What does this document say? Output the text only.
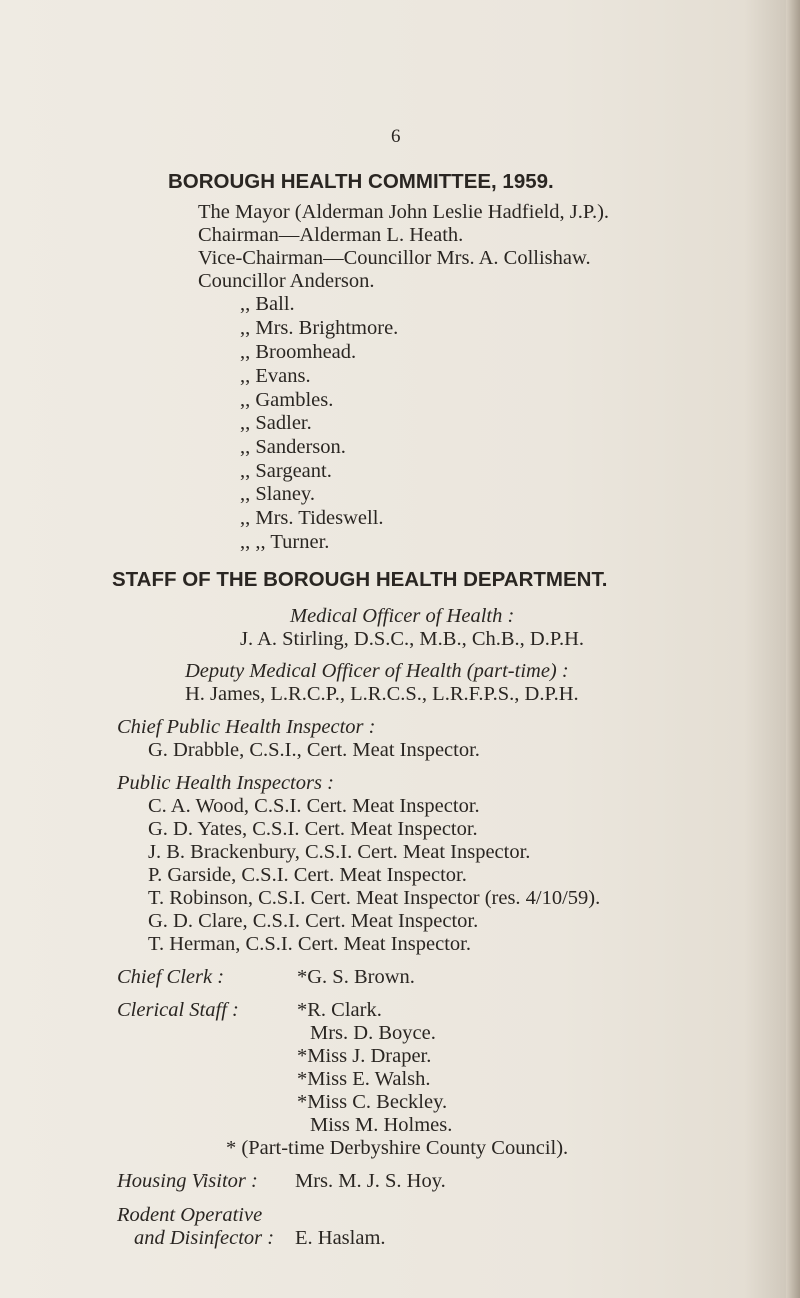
6
BOROUGH HEALTH COMMITTEE, 1959.
The Mayor (Alderman John Leslie Hadfield, J.P.).
Chairman—Alderman L. Heath.
Vice-Chairman—Councillor Mrs. A. Collishaw.
Councillor Anderson.
,, Ball.
,, Mrs. Brightmore.
,, Broomhead.
,, Evans.
,, Gambles.
,, Sadler.
,, Sanderson.
,, Sargeant.
,, Slaney.
,, Mrs. Tideswell.
,, ,, Turner.
STAFF OF THE BOROUGH HEALTH DEPARTMENT.
Medical Officer of Health :
J. A. Stirling, D.S.C., M.B., Ch.B., D.P.H.
Deputy Medical Officer of Health (part-time) :
H. James, L.R.C.P., L.R.C.S., L.R.F.P.S., D.P.H.
Chief Public Health Inspector :
G. Drabble, C.S.I., Cert. Meat Inspector.
Public Health Inspectors :
C. A. Wood, C.S.I. Cert. Meat Inspector.
G. D. Yates, C.S.I. Cert. Meat Inspector.
J. B. Brackenbury, C.S.I. Cert. Meat Inspector.
P. Garside, C.S.I. Cert. Meat Inspector.
T. Robinson, C.S.I. Cert. Meat Inspector (res. 4/10/59).
G. D. Clare, C.S.I. Cert. Meat Inspector.
T. Herman, C.S.I. Cert. Meat Inspector.
Chief Clerk :	*G. S. Brown.
Clerical Staff :	*R. Clark.
Mrs. D. Boyce.
*Miss J. Draper.
*Miss E. Walsh.
*Miss C. Beckley.
Miss M. Holmes.
* (Part-time Derbyshire County Council).
Housing Visitor : Mrs. M. J. S. Hoy.
Rodent Operative
and Disinfector : E. Haslam.
